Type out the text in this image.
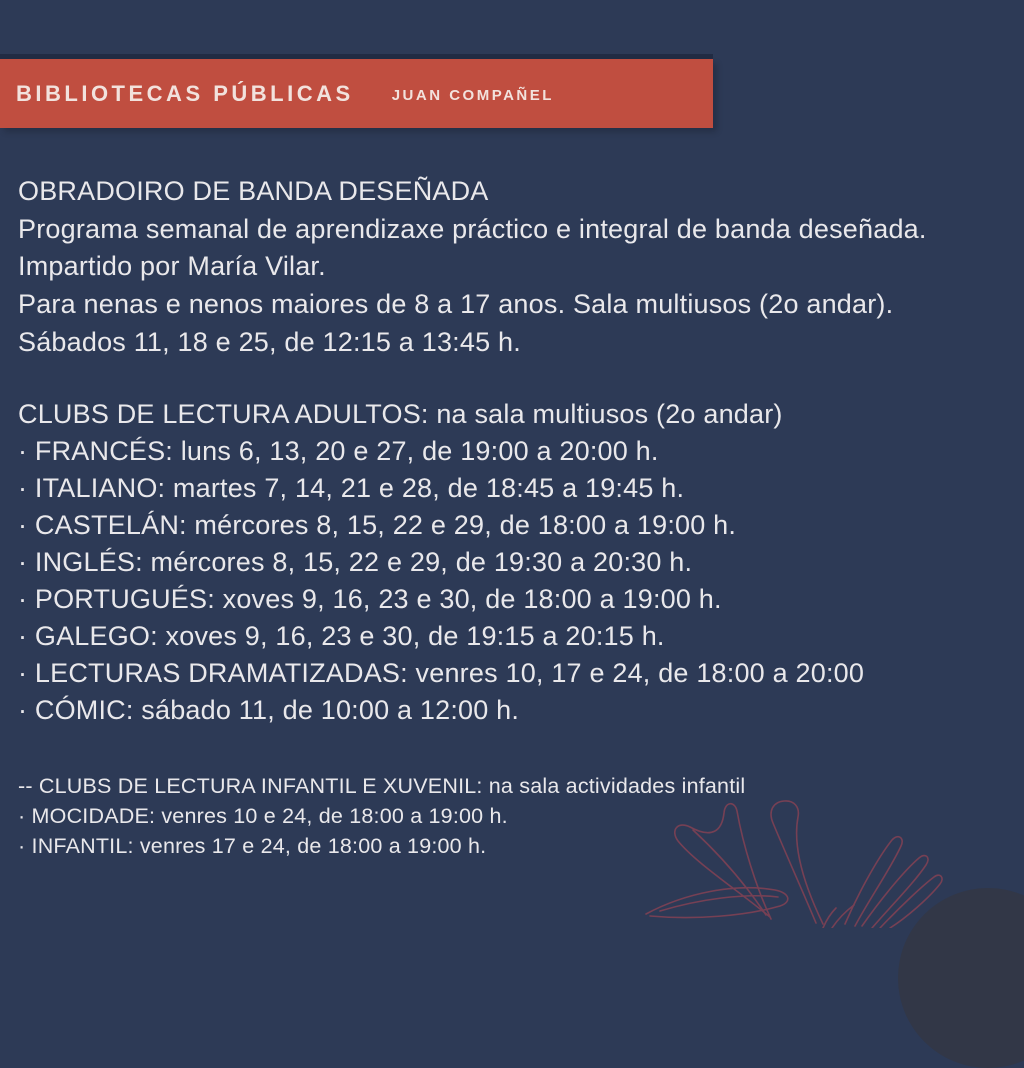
BIBLIOTECAS PÚBLICAS	JUAN COMPAÑEL
OBRADOIRO DE BANDA DESEÑADA
Programa semanal de aprendizaxe práctico e integral de banda deseñada.
Impartido por María Vilar.
Para nenas e nenos maiores de 8 a 17 anos. Sala multiusos (2o andar).
Sábados 11, 18 e 25, de 12:15 a 13:45 h.
CLUBS DE LECTURA ADULTOS: na sala multiusos (2o andar)
· FRANCÉS: luns 6, 13, 20 e 27, de 19:00 a 20:00 h.
· ITALIANO: martes 7, 14, 21 e 28, de 18:45 a 19:45 h.
· CASTELÁN: mércores 8, 15, 22 e 29, de 18:00 a 19:00 h.
· INGLÉS: mércores 8, 15, 22 e 29, de 19:30 a 20:30 h.
· PORTUGUÉS: xoves 9, 16, 23 e 30, de 18:00 a 19:00 h.
· GALEGO: xoves 9, 16, 23 e 30, de 19:15 a 20:15 h.
· LECTURAS DRAMATIZADAS: venres 10, 17 e 24, de 18:00 a 20:00
· CÓMIC: sábado 11, de 10:00 a 12:00 h.
-- CLUBS DE LECTURA INFANTIL E XUVENIL: na sala actividades infantil
· MOCIDADE: venres 10 e 24, de 18:00 a 19:00 h.
· INFANTIL: venres 17 e 24, de 18:00 a 19:00 h.
